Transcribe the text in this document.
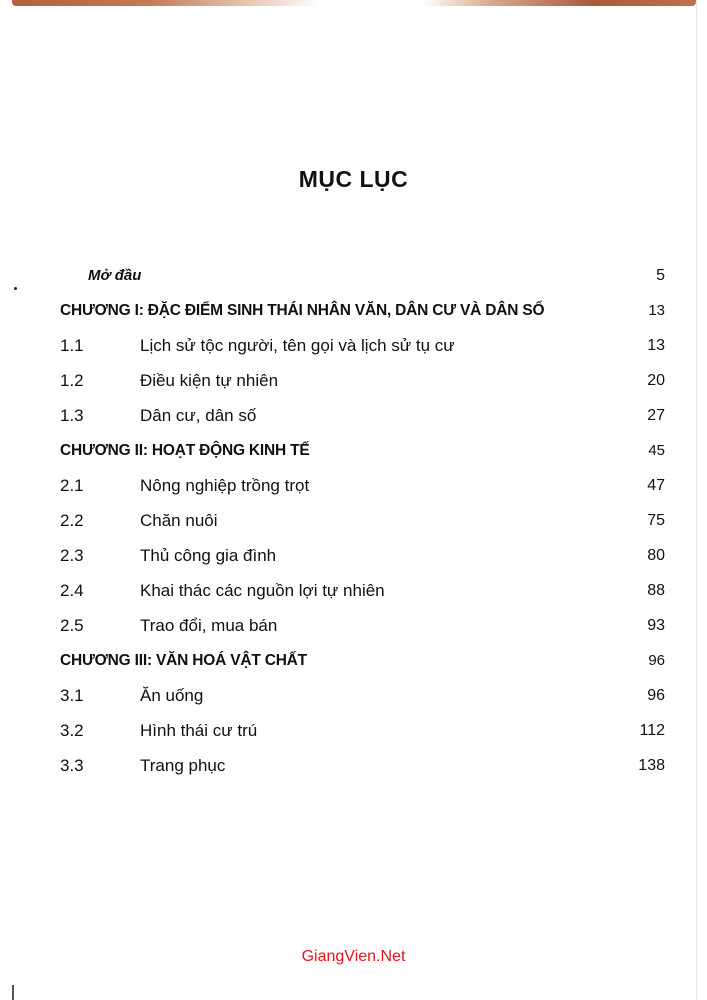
MỤC LỤC
Mở đầu	5
CHƯƠNG I: ĐẶC ĐIỂM SINH THÁI NHÂN VĂN, DÂN CƯ VÀ DÂN SỐ	13
1.1	Lịch sử tộc người, tên gọi và lịch sử tụ cư	13
1.2	Điều kiện tự nhiên	20
1.3	Dân cư, dân số	27
CHƯƠNG II: HOẠT ĐỘNG KINH TẾ	45
2.1	Nông nghiệp trồng trọt	47
2.2	Chăn nuôi	75
2.3	Thủ công gia đình	80
2.4	Khai thác các nguồn lợi tự nhiên	88
2.5	Trao đổi, mua bán	93
CHƯƠNG III: VĂN HOÁ VẬT CHẤT	96
3.1	Ăn uống	96
3.2	Hình thái cư trú	112
3.3	Trang phục	138
GiangVien.Net
